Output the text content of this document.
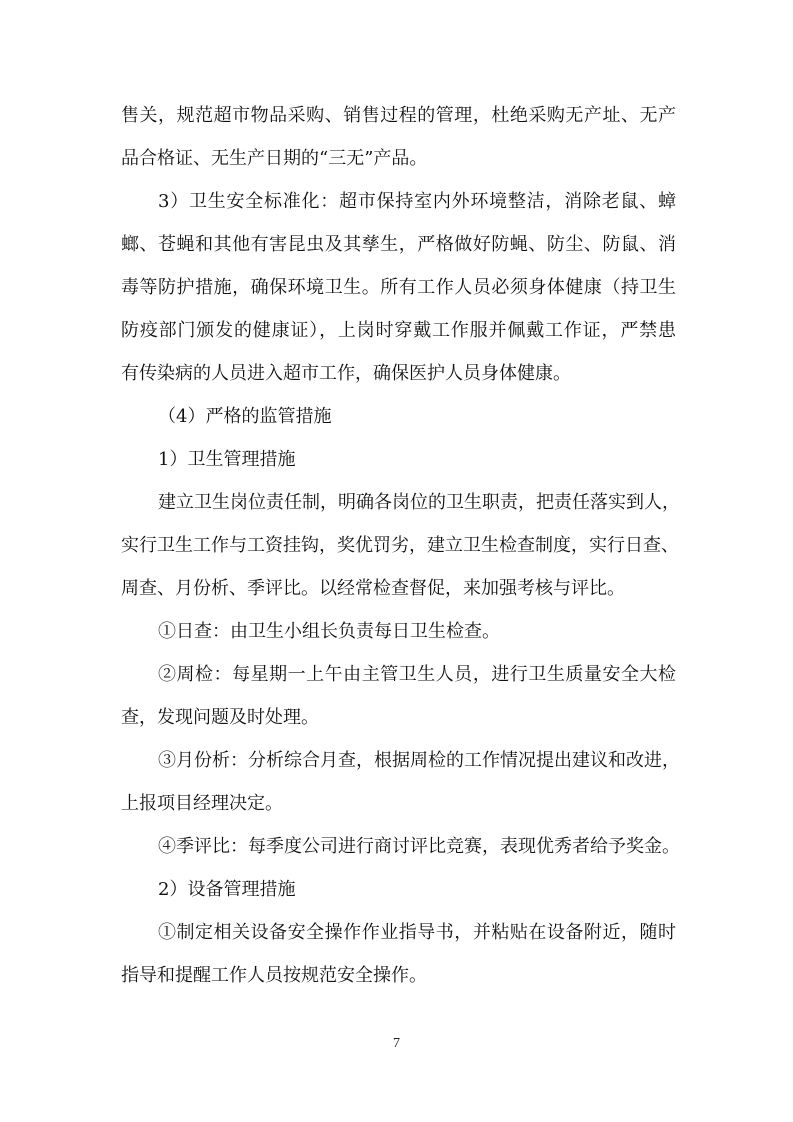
售关，规范超市物品采购、销售过程的管理，杜绝采购无产址、无产

品合格证、无生产日期的“三无”产品。

3）卫生安全标准化：超市保持室内外环境整洁，消除老鼠、蟑

螂、苍蝇和其他有害昆虫及其孳生，严格做好防蝇、防尘、防鼠、消

毒等防护措施，确保环境卫生。所有工作人员必须身体健康（持卫生

防疫部门颁发的健康证），上岗时穿戴工作服并佩戴工作证，严禁患

有传染病的人员进入超市工作，确保医护人员身体健康。

（4）严格的监管措施

1）卫生管理措施

建立卫生岗位责任制，明确各岗位的卫生职责，把责任落实到人，

实行卫生工作与工资挂钩，奖优罚劣，建立卫生检查制度，实行日查、

周查、月份析、季评比。以经常检查督促，来加强考核与评比。

①日查：由卫生小组长负责每日卫生检查。

②周检：每星期一上午由主管卫生人员，进行卫生质量安全大检

查，发现问题及时处理。

③月份析：分析综合月查，根据周检的工作情况提出建议和改进，

上报项目经理决定。

④季评比：每季度公司进行商讨评比竞赛，表现优秀者给予奖金。

2）设备管理措施

①制定相关设备安全操作作业指导书，并粘贴在设备附近，随时

指导和提醒工作人员按规范安全操作。

7
